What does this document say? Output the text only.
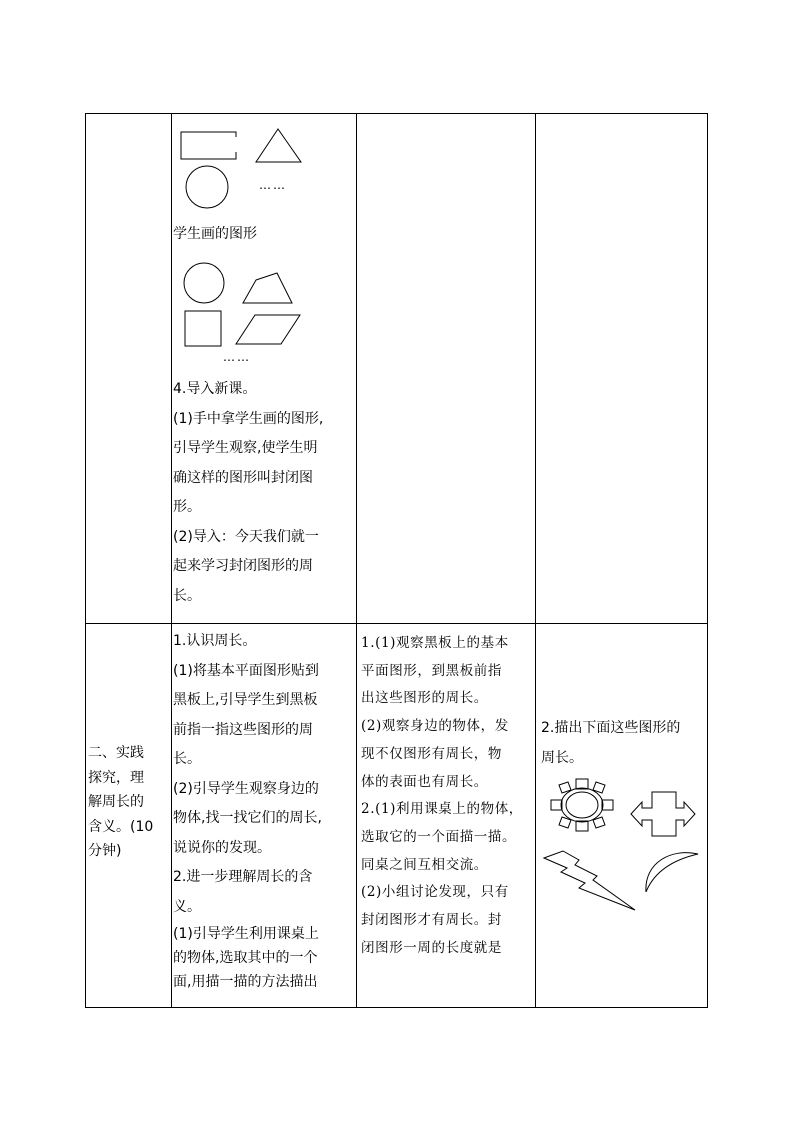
……
学生画的图形
……
4.导入新课。
(1)手中拿学生画的图形,
引导学生观察,使学生明
确这样的图形叫封闭图
形。
(2)导入：今天我们就一
起来学习封闭图形的周
长。
二、实践
探究，理
解周长的
含义。(10
分钟)
1.认识周长。
(1)将基本平面图形贴到
黑板上,引导学生到黑板
前指一指这些图形的周
长。
(2)引导学生观察身边的
物体,找一找它们的周长,
说说你的发现。
2.进一步理解周长的含
义。
(1)引导学生利用课桌上
的物体,选取其中的一个
面,用描一描的方法描出
1.(1)观察黑板上的基本
平面图形，到黑板前指
出这些图形的周长。
(2)观察身边的物体，发
现不仅图形有周长，物
体的表面也有周长。
2.(1)利用课桌上的物体，
选取它的一个面描一描。
同桌之间互相交流。
(2)小组讨论发现，只有
封闭图形才有周长。封
闭图形一周的长度就是
2.描出下面这些图形的
周长。
